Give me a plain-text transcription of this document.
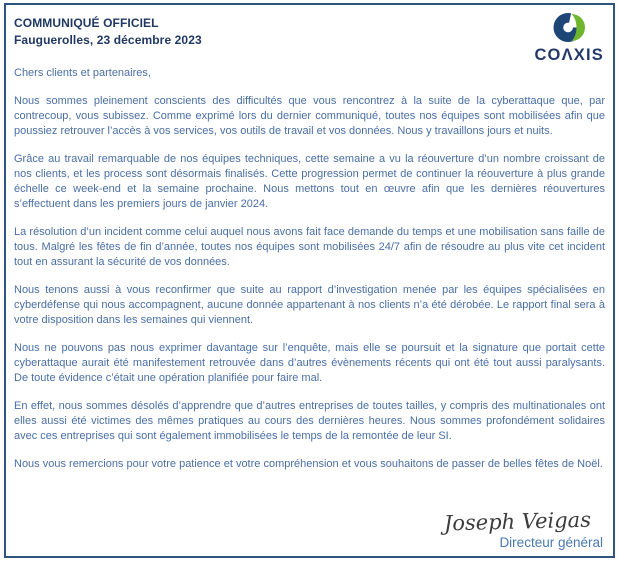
COMMUNIQUÉ OFFICIEL
Fauguerolles, 23 décembre 2023
COΛXIS

Chers clients et partenaires,

Nous sommes pleinement conscients des difficultés que vous rencontrez à la suite de la cyberattaque que, par contrecoup, vous subissez. Comme exprimé lors du dernier communiqué, toutes nos équipes sont mobilisées afin que poussiez retrouver l’accès à vos services, vos outils de travail et vos données. Nous y travaillons jours et nuits.

Grâce au travail remarquable de nos équipes techniques, cette semaine a vu la réouverture d’un nombre croissant de nos clients, et les process sont désormais finalisés. Cette progression permet de continuer la réouverture à plus grande échelle ce week-end et la semaine prochaine. Nous mettons tout en œuvre afin que les dernières réouvertures s’effectuent dans les premiers jours de janvier 2024.

La résolution d’un incident comme celui auquel nous avons fait face demande du temps et une mobilisation sans faille de tous. Malgré les fêtes de fin d’année, toutes nos équipes sont mobilisées 24/7 afin de résoudre au plus vite cet incident tout en assurant la sécurité de vos données.

Nous tenons aussi à vous reconfirmer que suite au rapport d’investigation menée par les équipes spécialisées en cyberdéfense qui nous accompagnent, aucune donnée appartenant à nos clients n’a été dérobée. Le rapport final sera à votre disposition dans les semaines qui viennent.

Nous ne pouvons pas nous exprimer davantage sur l’enquête, mais elle se poursuit et la signature que portait cette cyberattaque aurait été manifestement retrouvée dans d’autres évènements récents qui ont été tout aussi paralysants. De toute évidence c’était une opération planifiée pour faire mal.

En effet, nous sommes désolés d’apprendre que d’autres entreprises de toutes tailles, y compris des multinationales ont elles aussi été victimes des mêmes pratiques au cours des dernières heures. Nous sommes profondément solidaires avec ces entreprises qui sont également immobilisées le temps de la remontée de leur SI.

Nous vous remercions pour votre patience et votre compréhension et vous souhaitons de passer de belles fêtes de Noël.

Joseph Veigas
Directeur général
